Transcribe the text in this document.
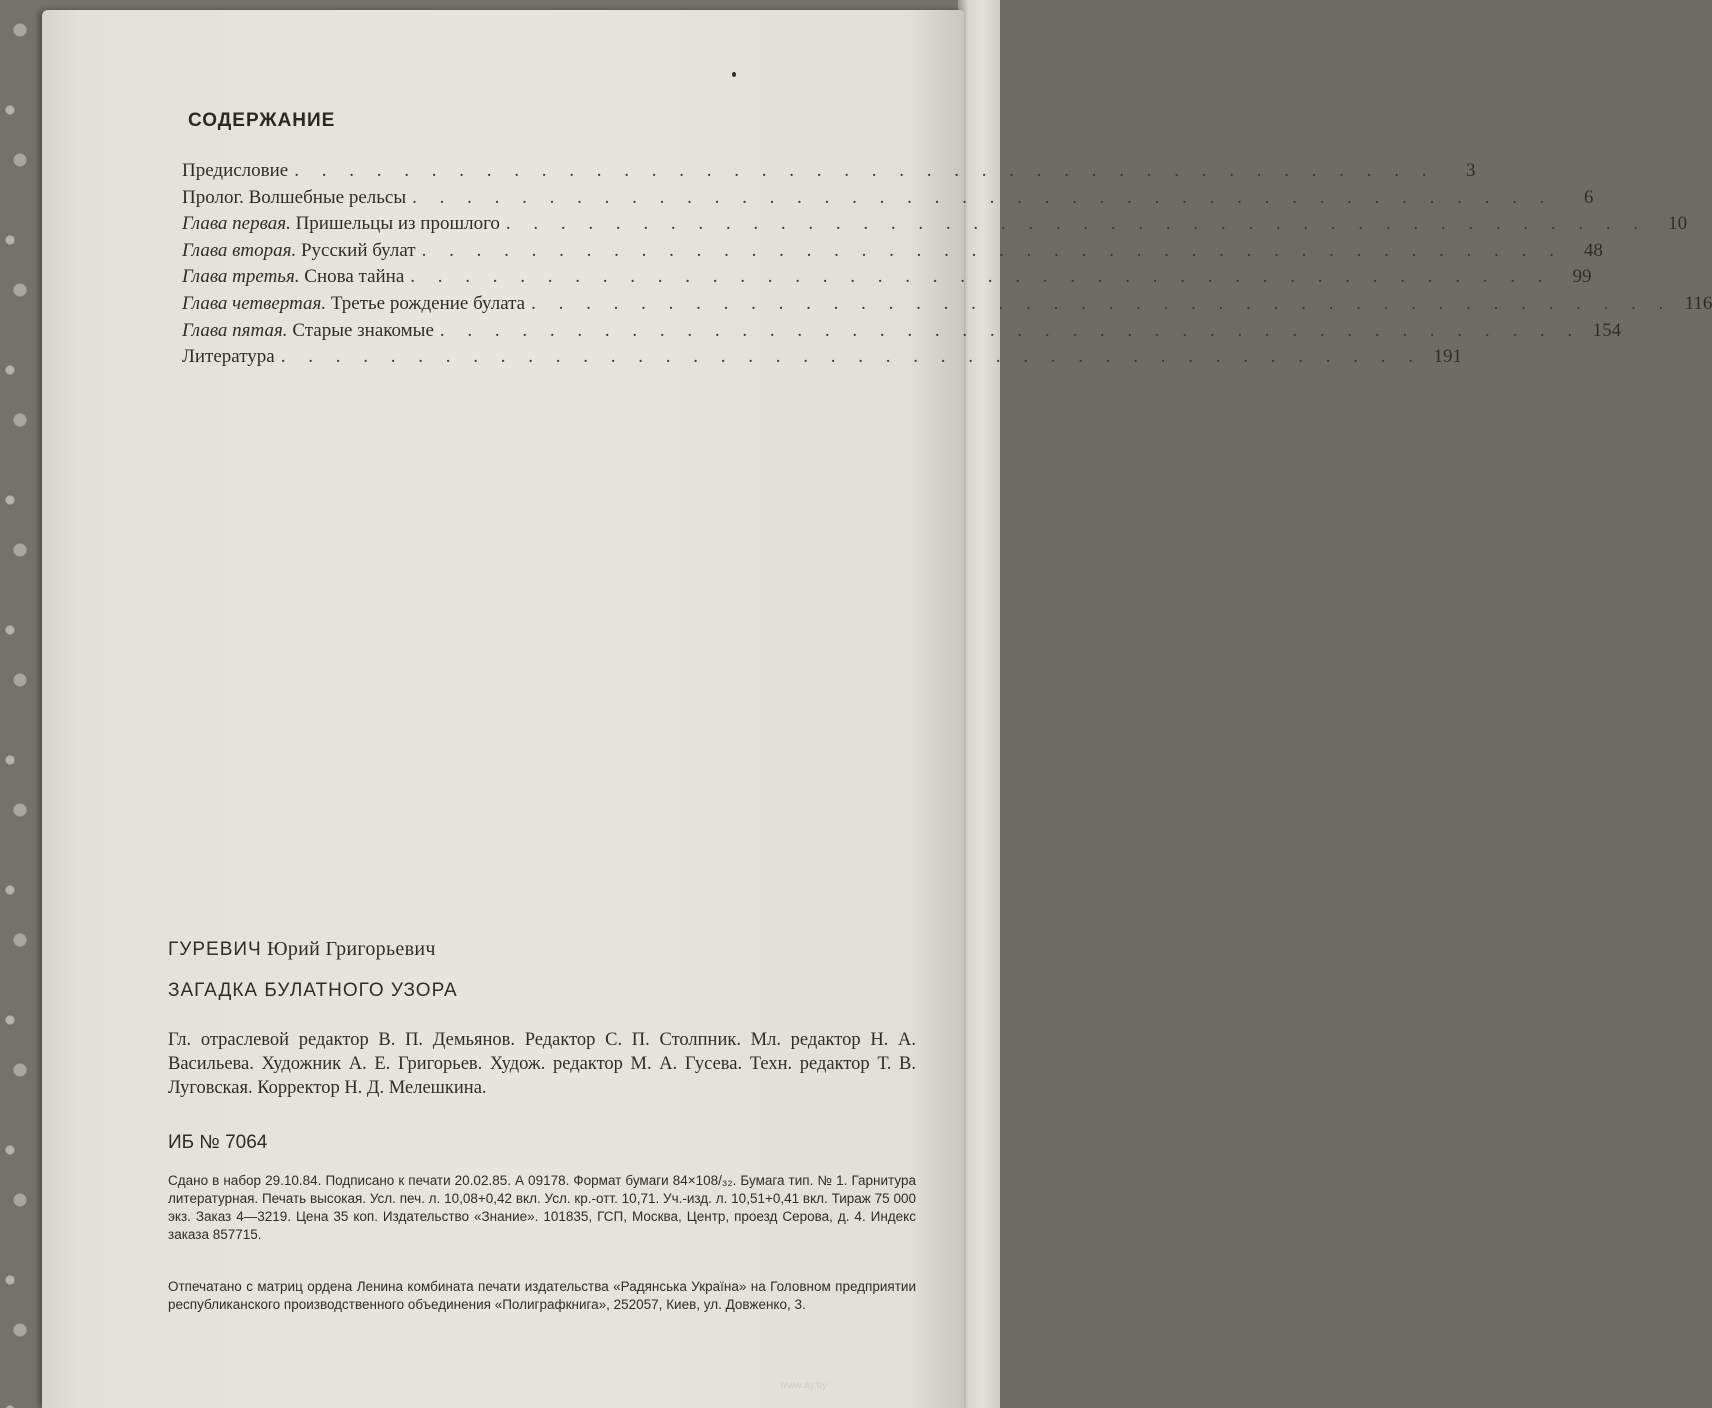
СОДЕРЖАНИЕ
Предисловие . . . . . . . . . . . . . . . . . . . . . . . . . . . . . . . . . . . . . . . . . .	3
Пролог. Волшебные рельсы . . . . . . . . . . . . . . . . . . . . . . . . . . . . . . . . . . . . . . . . . .	6
Глава первая. Пришельцы из прошлого . . . . . . . . . . . . . . . . . . . . . . . . . . . . . . . . . . . . . . . . . .	10
Глава вторая. Русский булат . . . . . . . . . . . . . . . . . . . . . . . . . . . . . . . . . . . . . . . . . .	48
Глава третья. Снова тайна . . . . . . . . . . . . . . . . . . . . . . . . . . . . . . . . . . . . . . . . . .	99
Глава четвертая. Третье рождение булата . . . . . . . . . . . . . . . . . . . . . . . . . . . . . . . . . . . . . . . . . . 116
Глава пятая. Старые знакомые . . . . . . . . . . . . . . . . . . . . . . . . . . . . . . . . . . . . . . . . . . 154
Литература . . . . . . . . . . . . . . . . . . . . . . . . . . . . . . . . . . . . . . . . . . 191
ГУРЕВИЧ Юрий Григорьевич
ЗАГАДКА БУЛАТНОГО УЗОРА
Гл. отраслевой редактор В. П. Демьянов. Редактор С. П. Столпник. Мл. редактор Н. А. Васильева. Художник А. Е. Григорьев. Худож. редактор М. А. Гусева. Техн. редактор Т. В. Луговская. Корректор Н. Д. Мелешкина.
ИБ № 7064
Сдано в набор 29.10.84. Подписано к печати 20.02.85. А 09178. Формат бумаги 84×108/₃₂. Бумага тип. № 1. Гарнитура литературная. Печать высокая. Усл. печ. л. 10,08+0,42 вкл. Усл. кр.-отт. 10,71. Уч.-изд. л. 10,51+0,41 вкл. Тираж 75 000 экз. Заказ 4—3219. Цена 35 коп. Издательство «Знание». 101835, ГСП, Москва, Центр, проезд Серова, д. 4. Индекс заказа 857715.
Отпечатано с матриц ордена Ленина комбината печати издательства «Радянська Україна» на Головном предприятии республиканского производственного объединения «Полиграфкнига», 252057, Киев, ул. Довженко, 3.
www.ay.by
